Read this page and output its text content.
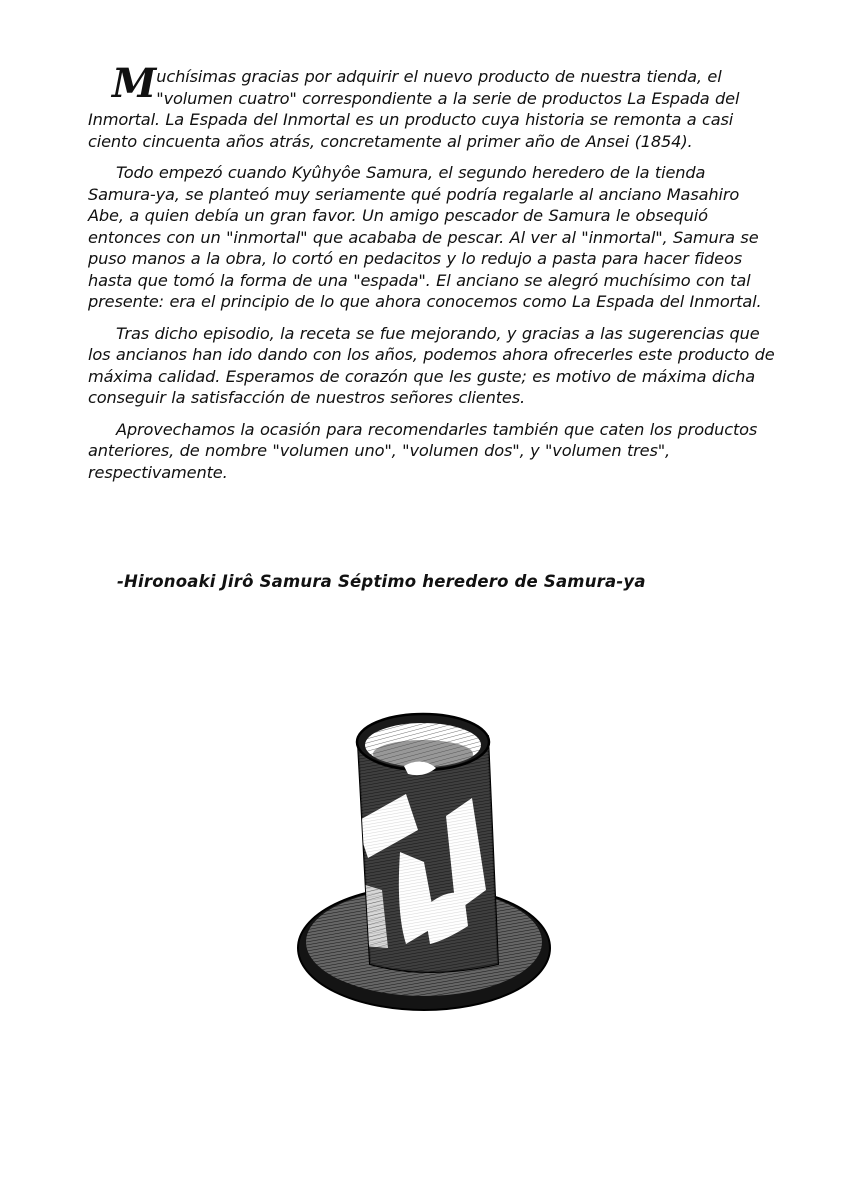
Muchísimas gracias por adquirir el nuevo producto de nuestra tienda, el "volumen cuatro" correspondiente a la serie de productos La Espada del Inmortal. La Espada del Inmortal es un producto cuya historia se remonta a casi ciento cincuenta años atrás, concretamente al primer año de Ansei (1854).

Todo empezó cuando Kyûhyôe Samura, el segundo heredero de la tienda Samura-ya, se planteó muy seriamente qué podría regalarle al anciano Masahiro Abe, a quien debía un gran favor. Un amigo pescador de Samura le obsequió entonces con un "inmortal" que acababa de pescar. Al ver al "inmortal", Samura se puso manos a la obra, lo cortó en pedacitos y lo redujo a pasta para hacer fideos hasta que tomó la forma de una "espada". El anciano se alegró muchísimo con tal presente: era el principio de lo que ahora conocemos como La Espada del Inmortal.

Tras dicho episodio, la receta se fue mejorando, y gracias a las sugerencias que los ancianos han ido dando con los años, podemos ahora ofrecerles este producto de máxima calidad. Esperamos de corazón que les guste; es motivo de máxima dicha conseguir la satisfacción de nuestros señores clientes.

Aprovechamos la ocasión para recomendarles también que caten los productos anteriores, de nombre "volumen uno", "volumen dos", y "volumen tres", respectivamente.

-Hironoaki Jirô Samura Séptimo heredero de Samura-ya
